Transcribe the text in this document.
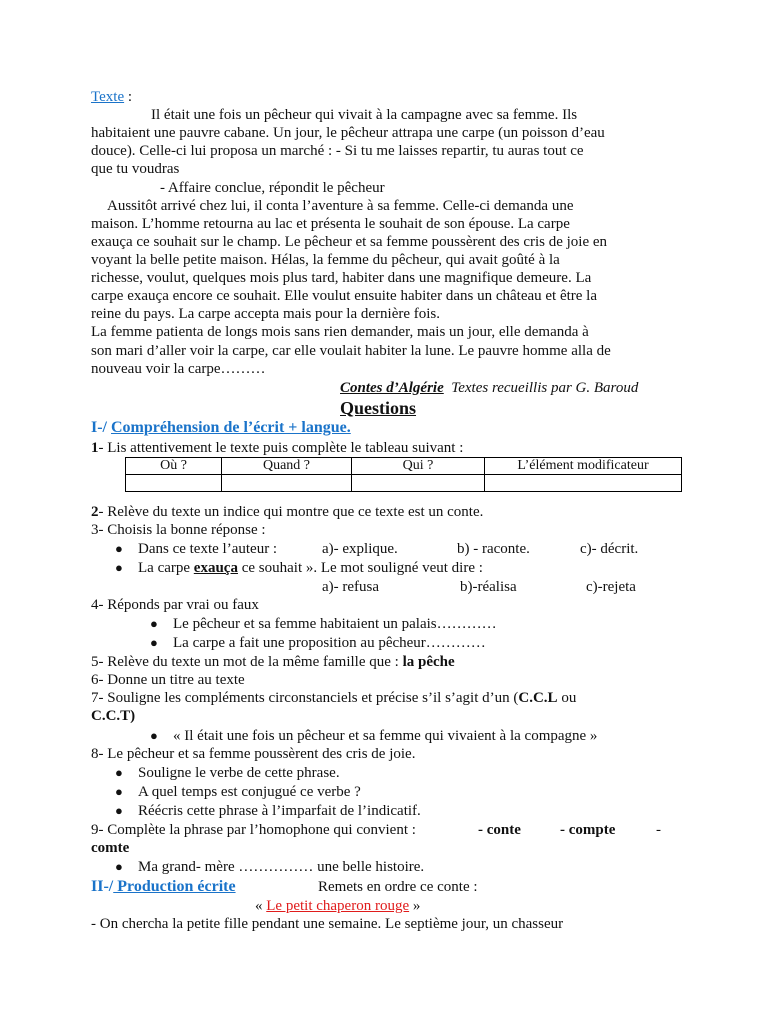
Texte :
Il était une fois un pêcheur qui vivait à la campagne avec sa femme. Ils
habitaient une pauvre cabane. Un jour, le pêcheur attrapa une carpe (un poisson d’eau
douce). Celle-ci lui proposa un marché : - Si tu me laisses repartir, tu auras tout ce
que tu voudras
- Affaire conclue, répondit le pêcheur
Aussitôt arrivé chez lui, il conta l’aventure à sa femme. Celle-ci demanda une
maison. L’homme retourna au lac et présenta le souhait de son épouse. La carpe
exauça ce souhait sur le champ. Le pêcheur et sa femme poussèrent des cris de joie en
voyant la belle petite maison. Hélas, la femme du pêcheur, qui avait goûté à la
richesse, voulut, quelques mois plus tard, habiter dans une magnifique demeure. La
carpe exauça encore ce souhait. Elle voulut ensuite habiter dans un château et être la
reine du pays. La carpe accepta mais pour la dernière fois.
La femme patienta de longs mois sans rien demander, mais un jour, elle demanda à
son mari d’aller voir la carpe, car elle voulait habiter la lune. Le pauvre homme alla de
nouveau voir la carpe………
Contes d’Algérie Textes recueillis par G. Baroud
Questions
I-/ Compréhension de l’écrit + langue.
1- Lis attentivement le texte puis complète le tableau suivant :
Où ?	Quand ?	Qui ?	L’élément modificateur

2- Relève du texte un indice qui montre que ce texte est un conte.
3- Choisis la bonne réponse :
● Dans ce texte l’auteur :	a)- explique.	b) - raconte.	c)- décrit.
● La carpe exauça ce souhait ». Le mot souligné veut dire :
a)- refusa	b)-réalisa	c)-rejeta
4- Réponds par vrai ou faux
● Le pêcheur et sa femme habitaient un palais…………
● La carpe a fait une proposition au pêcheur…………
5- Relève du texte un mot de la même famille que : la pêche
6- Donne un titre au texte
7- Souligne les compléments circonstanciels et précise s’il s’agit d’un (C.C.L ou
C.C.T)
● « Il était une fois un pêcheur et sa femme qui vivaient à la compagne »
8- Le pêcheur et sa femme poussèrent des cris de joie.
● Souligne le verbe de cette phrase.
● A quel temps est conjugué ce verbe ?
● Réécris cette phrase à l’imparfait de l’indicatif.
9- Complète la phrase par l’homophone qui convient :	- conte	- compte	-
comte
● Ma grand- mère …………… une belle histoire.
II-/ Production écrite	Remets en ordre ce conte :
« Le petit chaperon rouge »
- On chercha la petite fille pendant une semaine. Le septième jour, un chasseur
